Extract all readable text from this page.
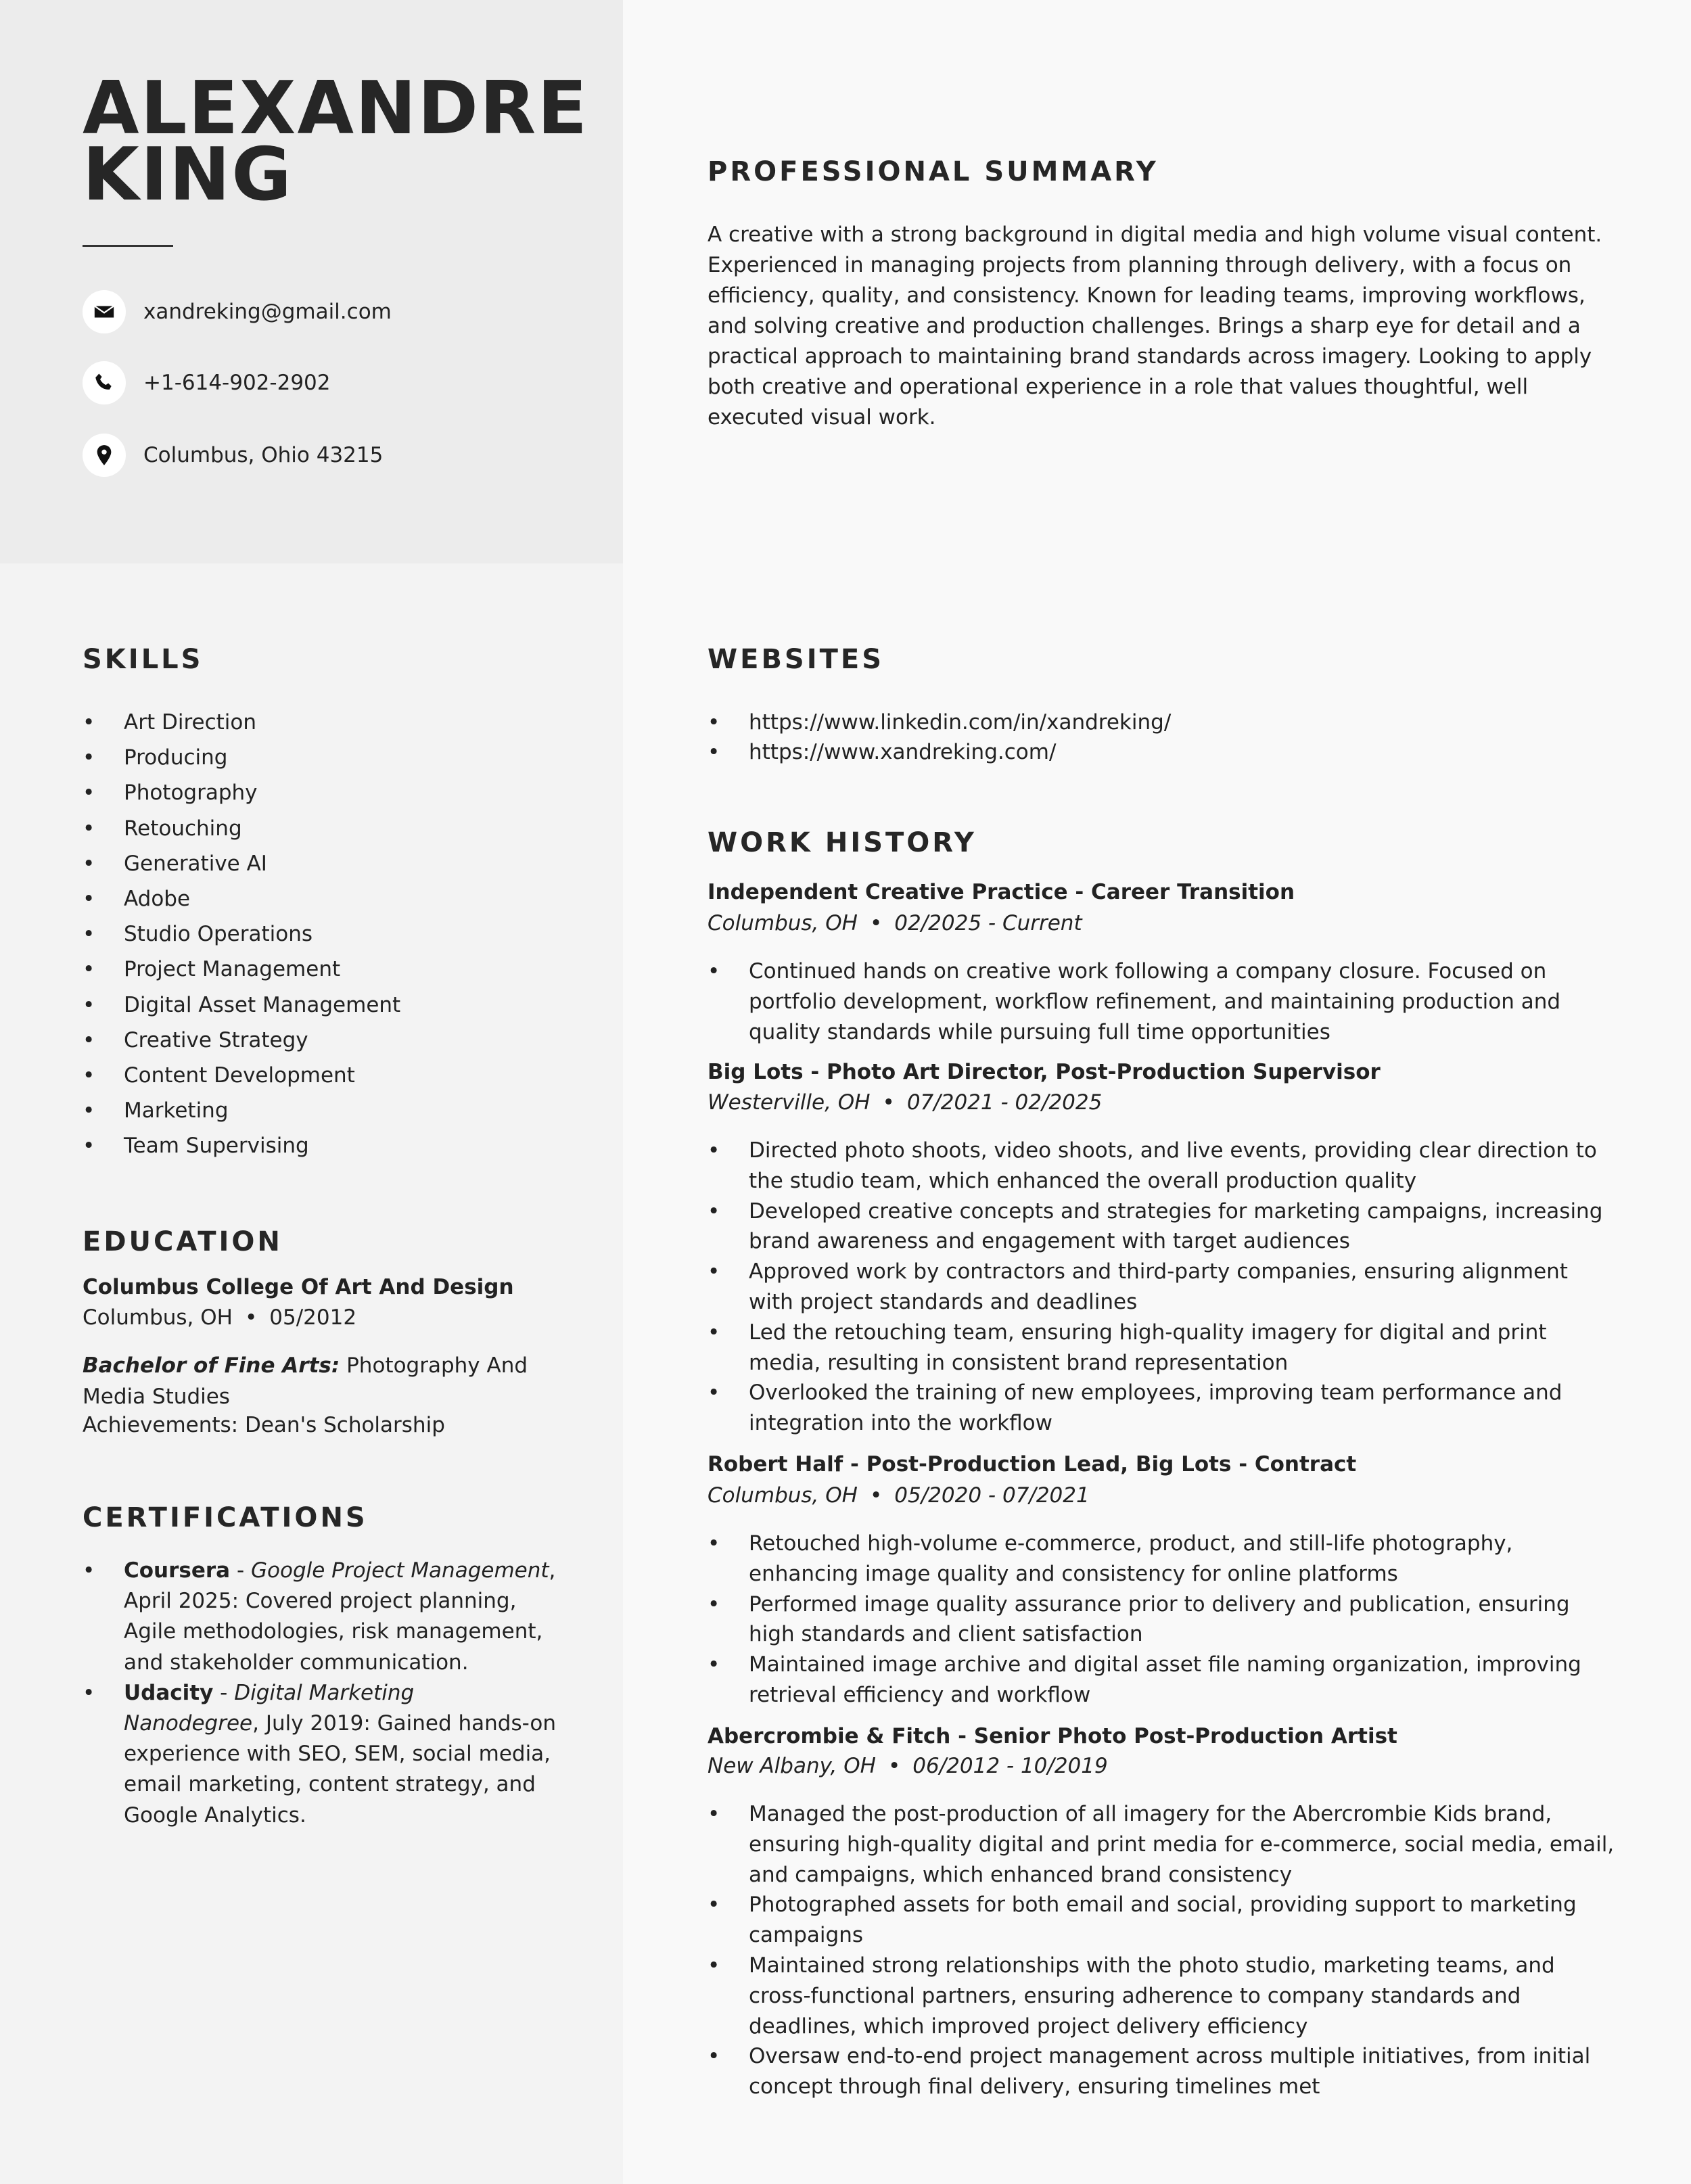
ALEXANDRE
KING
xandreking@gmail.com
+1-614-902-2902
Columbus, Ohio 43215
PROFESSIONAL SUMMARY

A creative with a strong background in digital media and high volume visual content. Experienced in managing projects from planning through delivery, with a focus on efficiency, quality, and consistency. Known for leading teams, improving workflows, and solving creative and production challenges. Brings a sharp eye for detail and a practical approach to maintaining brand standards across imagery. Looking to apply both creative and operational experience in a role that values thoughtful, well executed visual work.

SKILLS
• Art Direction
• Producing
• Photography
• Retouching
• Generative AI
• Adobe
• Studio Operations
• Project Management
• Digital Asset Management
• Creative Strategy
• Content Development
• Marketing
• Team Supervising
EDUCATION

Columbus College Of Art And Design

Columbus, OH • 05/2012

Bachelor of Fine Arts: Photography And Media Studies

Achievements: Dean's Scholarship

CERTIFICATIONS
• Coursera - Google Project Management, April 2025: Covered project planning, Agile methodologies, risk management, and stakeholder communication.
• Udacity - Digital Marketing Nanodegree, July 2019: Gained hands-on experience with SEO, SEM, social media, email marketing, content strategy, and Google Analytics.
WEBSITES
• https://www.linkedin.com/in/xandreking/
• https://www.xandreking.com/
WORK HISTORY

Independent Creative Practice - Career Transition

Columbus, OH • 02/2025 - Current

• Continued hands on creative work following a company closure. Focused on portfolio development, workflow refinement, and maintaining production and quality standards while pursuing full time opportunities

Big Lots - Photo Art Director, Post-Production Supervisor

Westerville, OH • 07/2021 - 02/2025

• Directed photo shoots, video shoots, and live events, providing clear direction to the studio team, which enhanced the overall production quality
• Developed creative concepts and strategies for marketing campaigns, increasing brand awareness and engagement with target audiences
• Approved work by contractors and third-party companies, ensuring alignment with project standards and deadlines
• Led the retouching team, ensuring high-quality imagery for digital and print media, resulting in consistent brand representation
• Overlooked the training of new employees, improving team performance and integration into the workflow

Robert Half - Post-Production Lead, Big Lots - Contract

Columbus, OH • 05/2020 - 07/2021

• Retouched high-volume e-commerce, product, and still-life photography, enhancing image quality and consistency for online platforms
• Performed image quality assurance prior to delivery and publication, ensuring high standards and client satisfaction
• Maintained image archive and digital asset file naming organization, improving retrieval efficiency and workflow

Abercrombie & Fitch - Senior Photo Post-Production Artist

New Albany, OH • 06/2012 - 10/2019

• Managed the post-production of all imagery for the Abercrombie Kids brand, ensuring high-quality digital and print media for e-commerce, social media, email, and campaigns, which enhanced brand consistency
• Photographed assets for both email and social, providing support to marketing campaigns
• Maintained strong relationships with the photo studio, marketing teams, and cross-functional partners, ensuring adherence to company standards and deadlines, which improved project delivery efficiency
• Oversaw end-to-end project management across multiple initiatives, from initial concept through final delivery, ensuring timelines met
